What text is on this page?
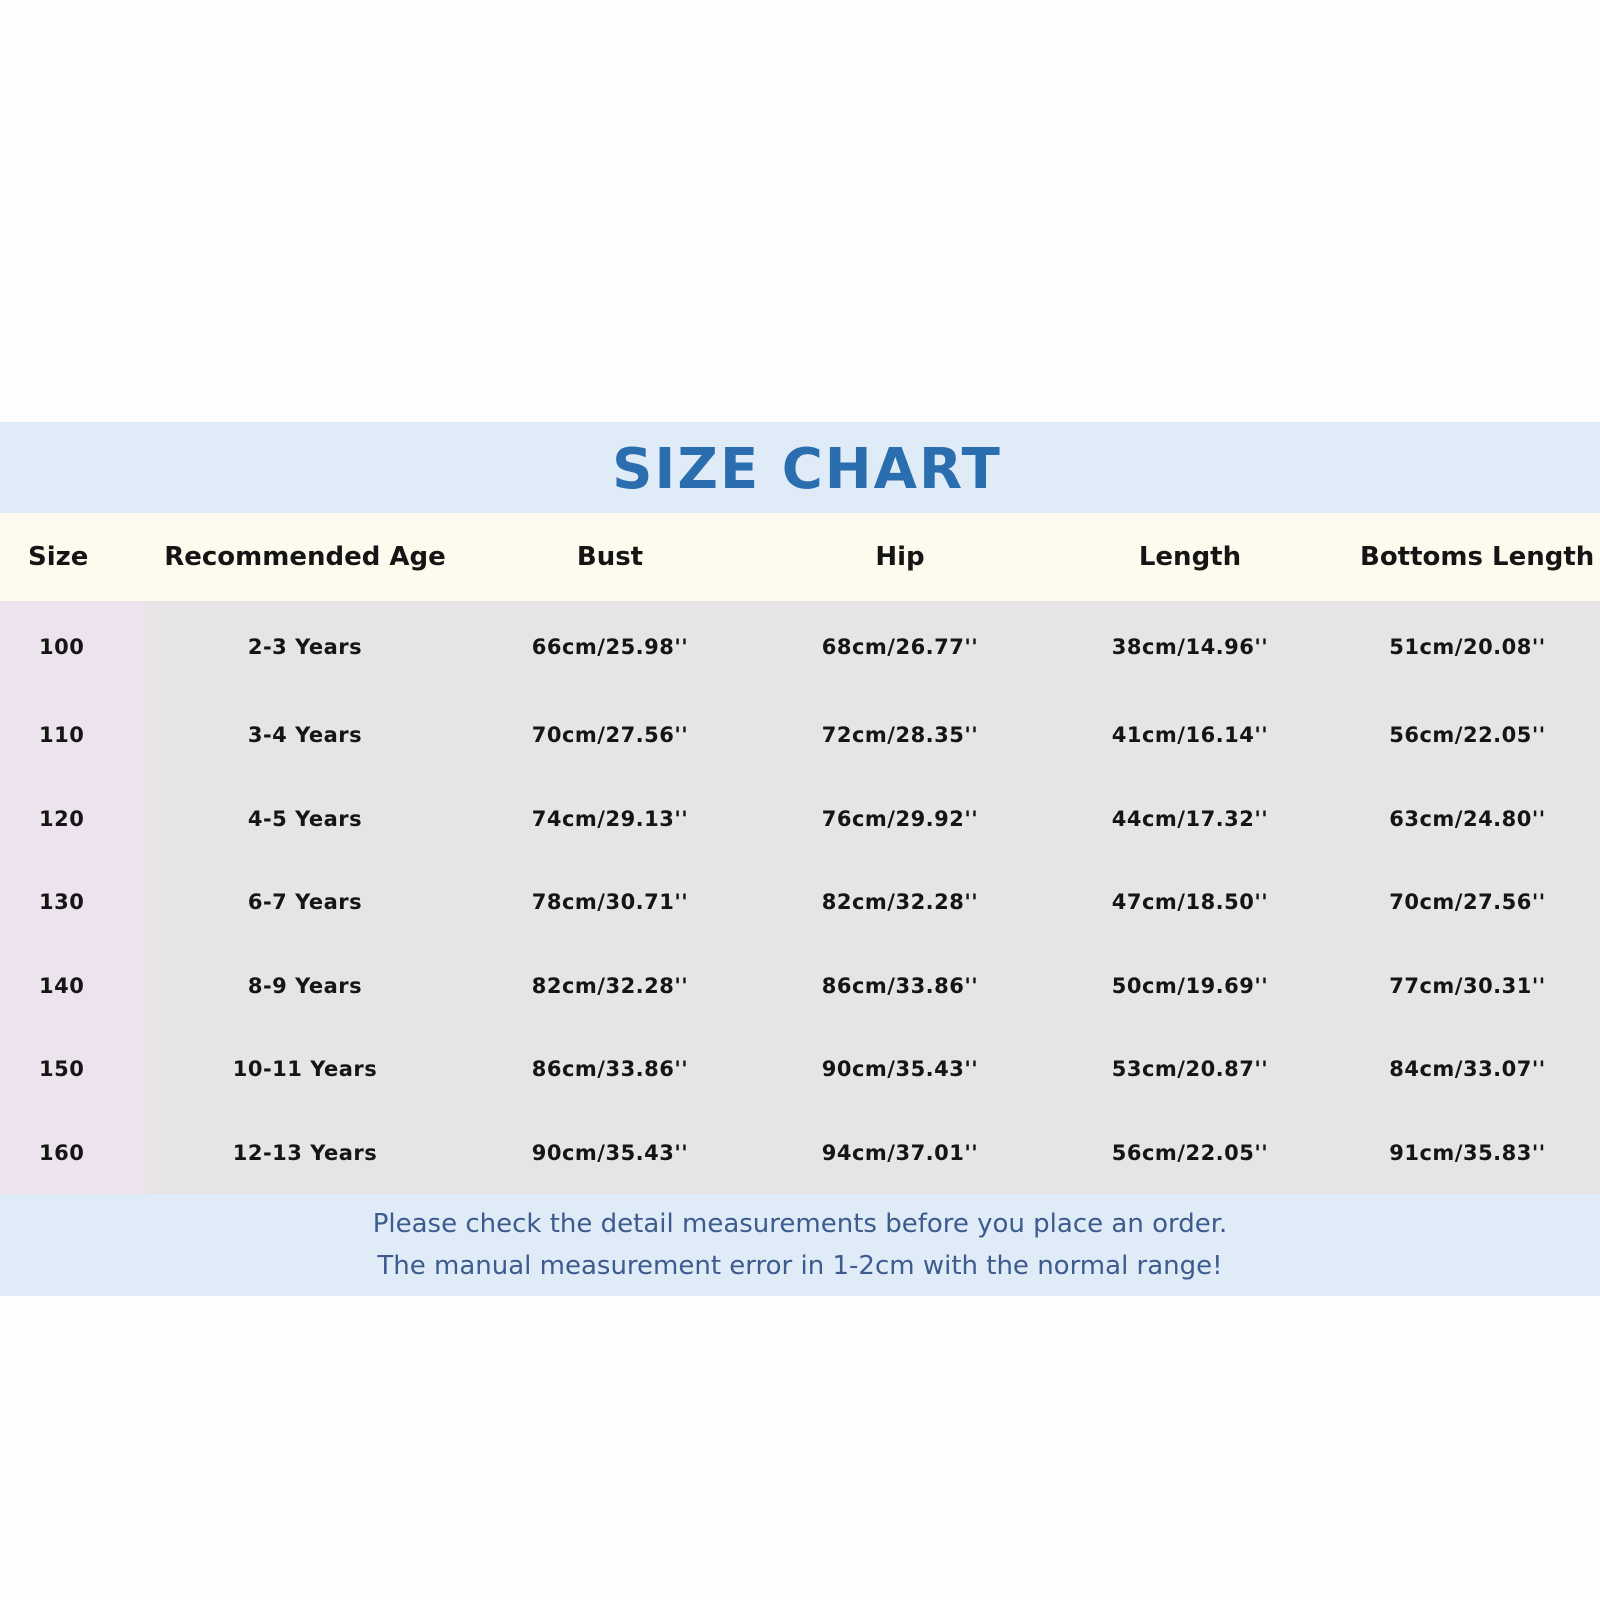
SIZE CHART
Size	Recommended Age	Bust	Hip	Length	Bottoms Length
100	2-3 Years	66cm/25.98''	68cm/26.77''	38cm/14.96''	51cm/20.08''
110	3-4 Years	70cm/27.56''	72cm/28.35''	41cm/16.14''	56cm/22.05''
120	4-5 Years	74cm/29.13''	76cm/29.92''	44cm/17.32''	63cm/24.80''
130	6-7 Years	78cm/30.71''	82cm/32.28''	47cm/18.50''	70cm/27.56''
140	8-9 Years	82cm/32.28''	86cm/33.86''	50cm/19.69''	77cm/30.31''
150	10-11 Years	86cm/33.86''	90cm/35.43''	53cm/20.87''	84cm/33.07''
160	12-13 Years	90cm/35.43''	94cm/37.01''	56cm/22.05''	91cm/35.83''
Please check the detail measurements before you place an order.
The manual measurement error in 1-2cm with the normal range!
